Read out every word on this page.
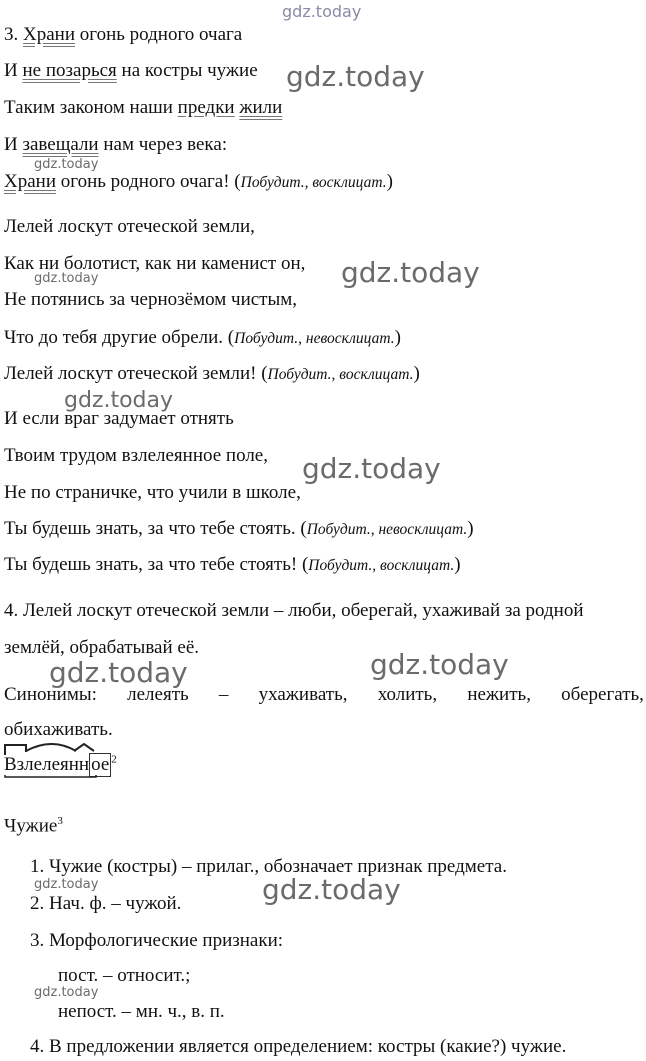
gdz.today
gdz.today
gdz.today
gdz.today
gdz.today
gdz.today
gdz.today
gdz.today
gdz.today
gdz.today	gdz.today
gdz.today
3. Храни огонь родного очага
И не позарься на костры чужие
Таким законом наши предки жили
И завещали нам через века:
Храни огонь родного очага! (Побудит., восклицат.)
Лелей лоскут отеческой земли,
Как ни болотист, как ни каменист он,
Не потянись за чернозёмом чистым,
Что до тебя другие обрели. (Побудит., невосклицат.)
Лелей лоскут отеческой земли! (Побудит., восклицат.)
И если враг задумает отнять
Твоим трудом взлелеянное поле,
Не по страничке, что учили в школе,
Ты будешь знать, за что тебе стоять. (Побудит., невосклицат.)
Ты будешь знать, за что тебе стоять! (Побудит., восклицат.)
4. Лелей лоскут отеческой земли – люби, оберегай, ухаживай за родной
землёй, обрабатывай её.
Синонимы: лелеять – ухаживать, холить, нежить, оберегать,
обихаживать.
Взлелеянн ое $^2$
Чужие$^3$
1. Чужие (костры) – прилаг., обозначает признак предмета.
2. Нач. ф. – чужой.
3. Морфологические признаки:
пост. – относит.;
непост. – мн. ч., в. п.
4. В предложении является определением: костры (какие?) чужие.
